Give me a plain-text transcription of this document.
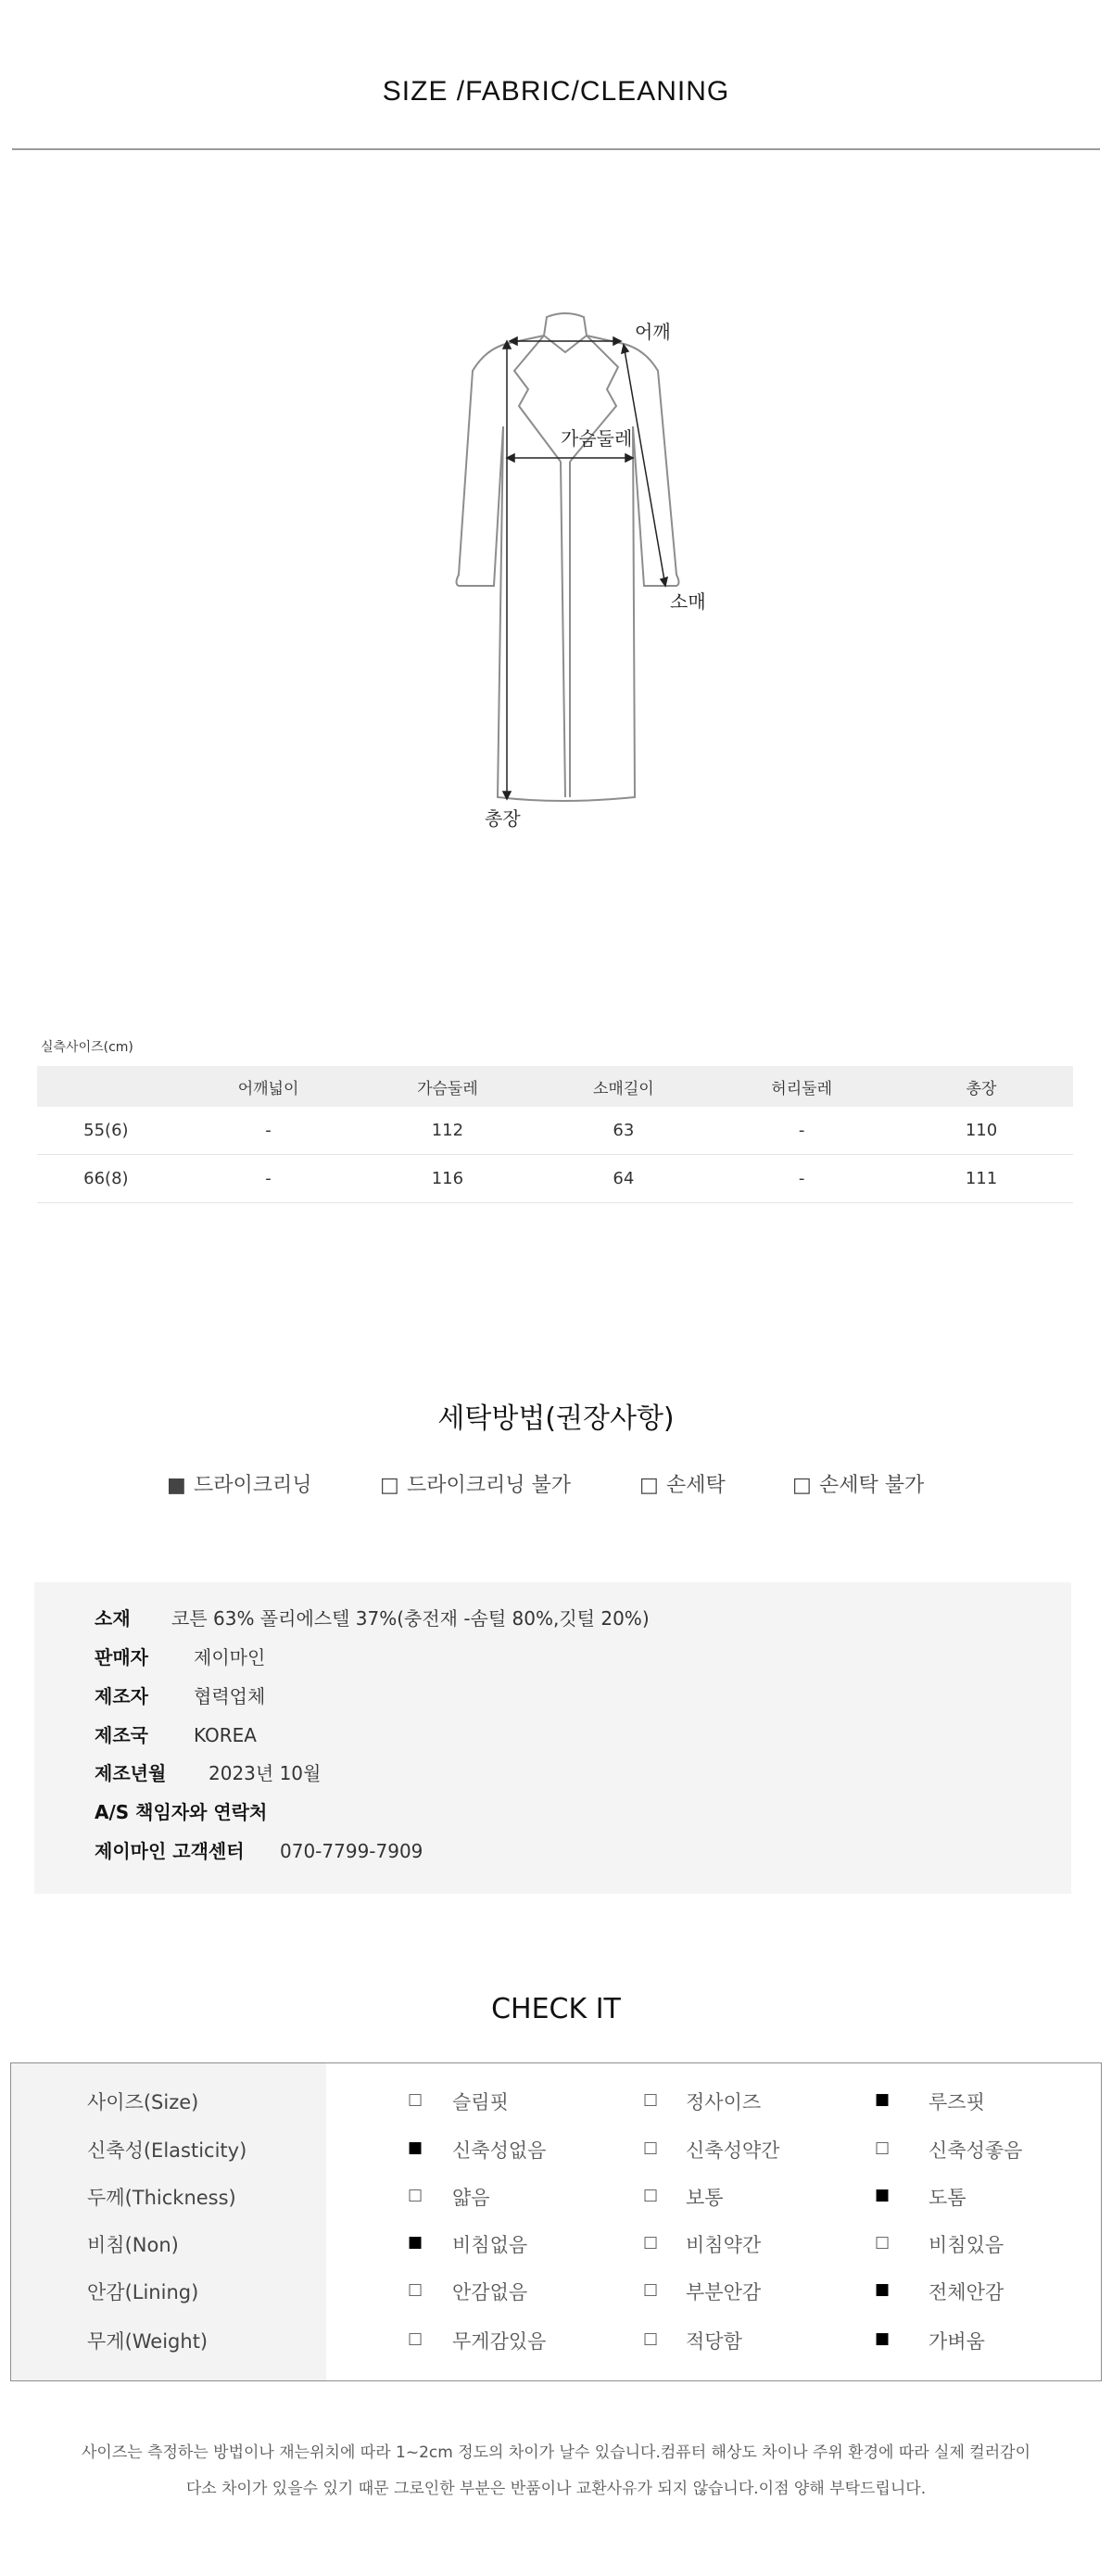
SIZE /FABRIC/CLEANING
어깨
가슴둘레
소매
총장
실측사이즈(cm)
	어깨넓이	가슴둘레	소매길이	허리둘레	총장
55(6)	-	112	63	-	110
66(8)	-	116	64	-	111
세탁방법(권장사항)
■ 드라이크리닝	□ 드라이크리닝 불가	□ 손세탁	□ 손세탁 불가
소재 코튼 63% 폴리에스텔 37%(충전재 -솜털 80%,깃털 20%)
판매자 제이마인
제조자 협력업체
제조국 KOREA
제조년월 2023년 10월
A/S 책임자와 연락처
제이마인 고객센터 070-7799-7909
CHECK IT
사이즈(Size)	□ 슬림핏	□ 정사이즈	■ 루즈핏
신축성(Elasticity)	■ 신축성없음	□ 신축성약간	□ 신축성좋음
두께(Thickness)	□ 얇음	□ 보통	■ 도톰
비침(Non)	■ 비침없음	□ 비침약간	□ 비침있음
안감(Lining)	□ 안감없음	□ 부분안감	■ 전체안감
무게(Weight)	□ 무게감있음	□ 적당함	■ 가벼움
사이즈는 측정하는 방법이나 재는위치에 따라 1~2cm 정도의 차이가 날수 있습니다.컴퓨터 해상도 차이나 주위 환경에 따라 실제 컬러감이
다소 차이가 있을수 있기 때문 그로인한 부분은 반품이나 교환사유가 되지 않습니다.이점 양해 부탁드립니다.
